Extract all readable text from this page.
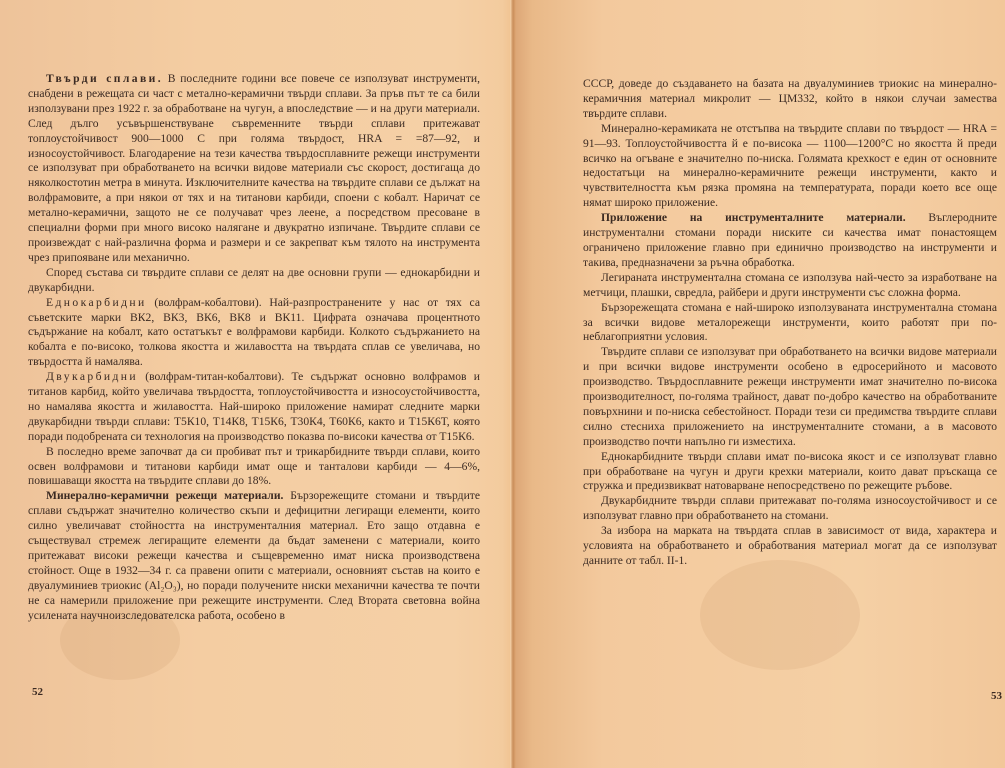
Твърди сплави. В последните години все повече се използуват инструменти, снабдени в режещата си част с метално-керамични твърди сплави. За пръв път те са били използувани през 1922 г. за обработване на чугун, а впоследствие — и на други материали. След дълго усъвършенствуване съвременните твърди сплави притежават топлоустойчивост 900—1000 С при голяма твърдост, HRA = =87—92, и износоустойчивост. Благодарение на тези качества твърдосплавните режещи инструменти се използуват при обработването на всички видове материали със скорост, достигаща до няколкостотин метра в минута. Изключителните качества на твърдите сплави се дължат на волфрамовите, а при някои от тях и на титанови карбиди, споени с кобалт. Наричат се метално-керамични, защото не се получават чрез леене, а посредством пресоване в специални форми при много високо налягане и двукратно изпичане. Твърдите сплави се произвеждат с най-различна форма и размери и се закрепват към тялото на инструмента чрез припояване или механично.

Според състава си твърдите сплави се делят на две основни групи — еднокарбидни и двукарбидни.

Еднокарбидни (волфрам-кобалтови). Най-разпространените у нас от тях са съветските марки ВК2, ВК3, ВК6, ВК8 и ВК11. Цифрата означава процентното съдържание на кобалт, като остатъкът е волфрамови карбиди. Колкото съдържанието на кобалта е по-високо, толкова якостта и жилавостта на твърдата сплав се увеличава, но твърдостта й намалява.

Двукарбидни (волфрам-титан-кобалтови). Те съдържат основно волфрамов и титанов карбид, който увеличава твърдостта, топлоустойчивостта и износоустойчивостта, но намалява якостта и жилавостта. Най-широко приложение намират следните марки двукарбидни твърди сплави: Т5К10, Т14К8, Т15К6, Т30К4, Т60К6, както и Т15К6Т, която поради подобрената си технология на производство показва по-високи качества от Т15К6.

В последно време започват да си пробиват път и трикарбидните твърди сплави, които освен волфрамови и титанови карбиди имат още и танталови карбиди — 4—6%, повишаващи якостта на твърдите сплави до 18%.

Минерално-керамични режещи материали. Бързорежещите стомани и твърдите сплави съдържат значително количество скъпи и дефицитни легиращи елементи, които силно увеличават стойността на инструменталния материал. Ето защо отдавна е съществувал стремеж легиращите елементи да бъдат заменени с материали, които притежават високи режещи качества и същевременно имат ниска производствена стойност. Още в 1932—34 г. са правени опити с материали, основният състав на които е двуалуминиев триокис (Al₂O₃), но поради получените ниски механични качества те почти не са намерили приложение при режещите инструменти. След Втората световна война усилената научноизследователска работа, особено в

52

СССР, доведе до създаването на базата на двуалуминиев триокис на минерално-керамичния материал микролит — ЦМ332, който в някои случаи замества твърдите сплави.

Минерално-керамиката не отстъпва на твърдите сплави по твърдост — HRA = 91—93. Топлоустойчивостта й е по-висока — 1100—1200°С но якостта й преди всичко на огъване е значително по-ниска. Голямата крехкост е един от основните недостатъци на минерално-керамичните режещи инструменти, както и чувствителността към рязка промяна на температурата, поради което все още нямат широко приложение.

Приложение на инструменталните материали. Въглеродните инструментални стомани поради ниските си качества имат понастоящем ограничено приложение главно при единично производство на инструменти и такива, предназначени за ръчна обработка.

Легираната инструментална стомана се използува най-често за изработване на метчици, плашки, свредла, райбери и други инструменти със сложна форма.

Бързорежещата стомана е най-широко използуваната инструментална стомана за всички видове металорежещи инструменти, които работят при по-неблагоприятни условия.

Твърдите сплави се използуват при обработването на всички видове материали и при всички видове инструменти особено в едросерийното и масовото производство. Твърдосплавните режещи инструменти имат значително по-висока производителност, по-голяма трайност, дават по-добро качество на обработваните повърхнини и по-ниска себестойност. Поради тези си предимства твърдите сплави силно стесниха приложението на инструменталните стомани, а в масовото производство почти напълно ги изместиха.

Еднокарбидните твърди сплави имат по-висока якост и се използуват главно при обработване на чугун и други крехки материали, които дават пръскаща се стружка и предизвикват натоварване непосредствено по режещите ръбове.

Двукарбидните твърди сплави притежават по-голяма износоустойчивост и се използуват главно при обработването на стомани.

За избора на марката на твърдата сплав в зависимост от вида, характера и условията на обработването и обработвания материал могат да се използуват данните от табл. II-1.

53
